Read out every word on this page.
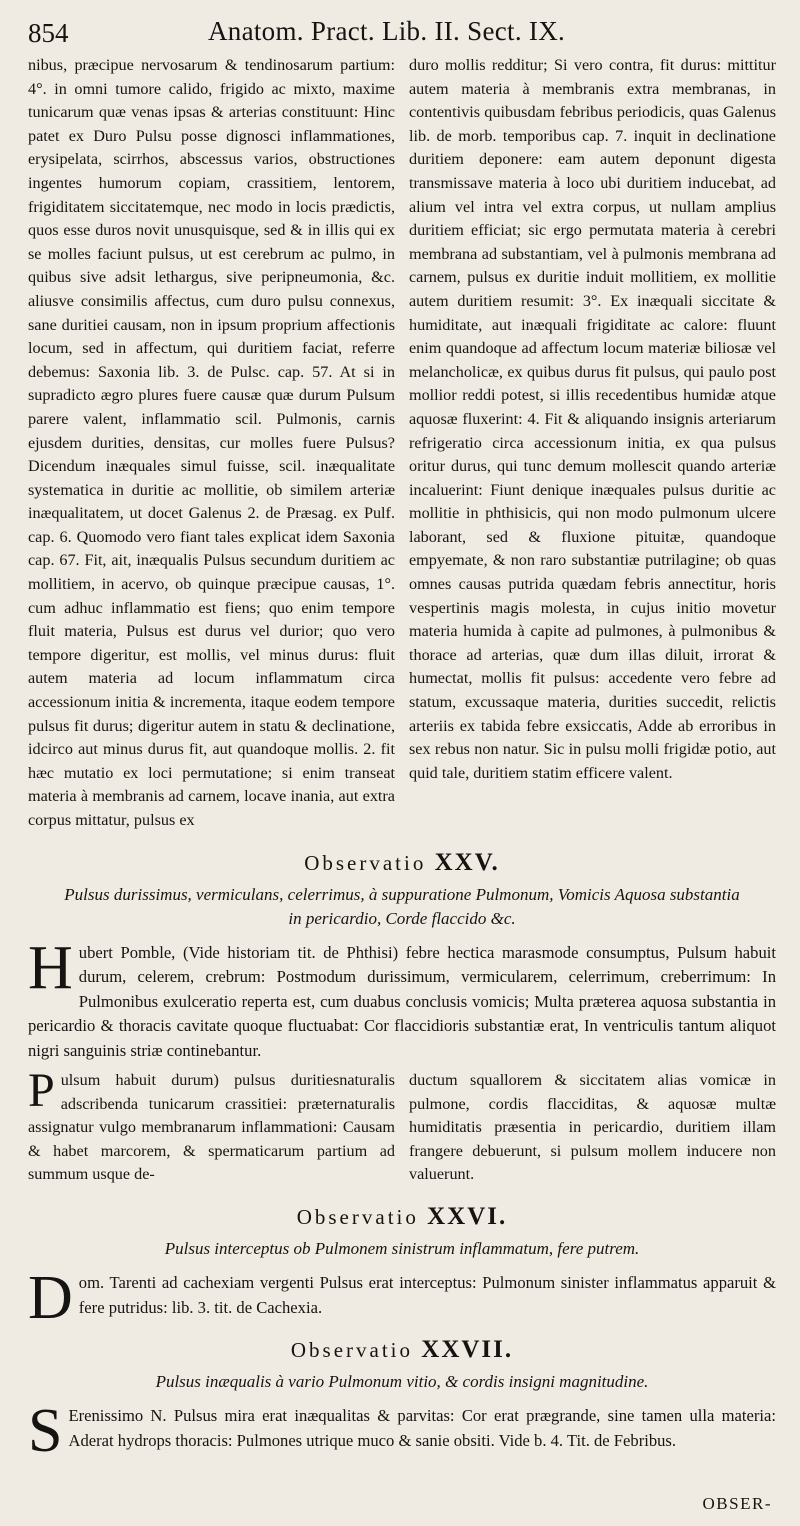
854	Anatom. Pract. Lib. II. Sect. IX.

nibus, præcipue nervosarum & tendinosarum partium: 4°. in omni tumore calido, frigido ac mixto, maxime tunicarum quæ venas ipsas & arterias constituunt: Hinc patet ex Duro Pulsu posse dignosci inflammationes, erysipelata, scirrhos, abscessus varios, obstructiones ingentes humorum copiam, crassitiem, lentorem, frigiditatem siccitatemque, nec modo in locis prædictis, quos esse duros novit unusquisque, sed & in illis qui ex se molles faciunt pulsus, ut est cerebrum ac pulmo, in quibus sive adsit lethargus, sive peripneumonia, &c. aliusve consimilis affectus, cum duro pulsu connexus, sane duritiei causam, non in ipsum proprium affectionis locum, sed in affectum, qui duritiem faciat, referre debemus: Saxonia lib. 3. de Pulsc. cap. 57. At si in supradicto ægro plures fuere causæ quæ durum Pulsum parere valent, inflammatio scil. Pulmonis, carnis ejusdem durities, densitas, cur molles fuere Pulsus? Dicendum inæquales simul fuisse, scil. inæqualitate systematica in duritie ac mollitie, ob similem arteriæ inæqualitatem, ut docet Galenus 2. de Præsag. ex Pulf. cap. 6. Quomodo vero fiant tales explicat idem Saxonia cap. 67. Fit, ait, inæqualis Pulsus secundum duritiem ac mollitiem, in acervo, ob quinque præcipue causas, 1°. cum adhuc inflammatio est fiens; quo enim tempore fluit materia, Pulsus est durus vel durior; quo vero tempore digeritur, est mollis, vel minus durus: fluit autem materia ad locum inflammatum circa accessionum initia & incrementa, itaque eodem tempore pulsus fit durus; digeritur autem in statu & declinatione, idcirco aut minus durus fit, aut quandoque mollis. 2. fit hæc mutatio ex loci permutatione; si enim transeat materia à membranis ad carnem, locave inania, aut extra corpus mittatur, pulsus ex

duro mollis redditur; Si vero contra, fit durus: mittitur autem materia à membranis extra membranas, in contentivis quibusdam febribus periodicis, quas Galenus lib. de morb. temporibus cap. 7. inquit in declinatione duritiem deponere: eam autem deponunt digesta transmissave materia à loco ubi duritiem inducebat, ad alium vel intra vel extra corpus, ut nullam amplius duritiem efficiat; sic ergo permutata materia à cerebri membrana ad substantiam, vel à pulmonis membrana ad carnem, pulsus ex duritie induit mollitiem, ex mollitie autem duritiem resumit: 3°. Ex inæquali siccitate & humiditate, aut inæquali frigiditate ac calore: fluunt enim quandoque ad affectum locum materiæ biliosæ vel melancholicæ, ex quibus durus fit pulsus, qui paulo post mollior reddi potest, si illis recedentibus humidæ atque aquosæ fluxerint: 4. Fit & aliquando insignis arteriarum refrigeratio circa accessionum initia, ex qua pulsus oritur durus, qui tunc demum mollescit quando arteriæ incaluerint: Fiunt denique inæquales pulsus duritie ac mollitie in phthisicis, qui non modo pulmonum ulcere laborant, sed & fluxione pituitæ, quandoque empyemate, & non raro substantiæ putrilagine; ob quas omnes causas putrida quædam febris annectitur, horis vespertinis magis molesta, in cujus initio movetur materia humida à capite ad pulmones, à pulmonibus & thorace ad arterias, quæ dum illas diluit, irrorat & humectat, mollis fit pulsus: accedente vero febre ad statum, excussaque materia, durities succedit, relictis arteriis ex tabida febre exsiccatis, Adde ab erroribus in sex rebus non natur. Sic in pulsu molli frigidæ potio, aut quid tale, duritiem statim efficere valent.

Observatio XXV.
Pulsus durissimus, vermiculans, celerrimus, à suppuratione Pulmonum, Vomicis Aquosa substantia in pericardio, Corde flaccido &c.
H ubert Pomble, (Vide historiam tit. de Phthisi) febre hectica marasmode consumptus, Pulsum habuit durum, celerem, crebrum: Postmodum durissimum, vermicularem, celerrimum, creberrimum: In Pulmonibus exulceratio reperta est, cum duabus conclusis vomicis; Multa præterea aquosa substantia in pericardio & thoracis cavitate quoque fluctuabat: Cor flaccidioris substantiæ erat, In ventriculis tantum aliquot nigri sanguinis striæ continebantur.

P ulsum habuit durum) pulsus duritiesnaturalis adscribenda tunicarum crassitiei: præternaturalis assignatur vulgo membranarum inflammationi: Causam & habet marcorem, & spermaticarum partium ad summum usque de-

ductum squallorem & siccitatem alias vomicæ in pulmone, cordis flacciditas, & aquosæ multæ humiditatis præsentia in pericardio, duritiem illam frangere debuerunt, si pulsum mollem inducere non valuerunt.

Observatio XXVI.
Pulsus interceptus ob Pulmonem sinistrum inflammatum, fere putrem.
D om. Tarenti ad cachexiam vergenti Pulsus erat interceptus: Pulmonum sinister inflammatus apparuit & fere putridus: lib. 3. tit. de Cachexia.
Observatio XXVII.
Pulsus inæqualis à vario Pulmonum vitio, & cordis insigni magnitudine.
S Erenissimo N. Pulsus mira erat inæqualitas & parvitas: Cor erat prægrande, sine tamen ulla materia: Aderat hydrops thoracis: Pulmones utrique muco & sanie obsiti. Vide b. 4. Tit. de Febribus.
OBSER-
